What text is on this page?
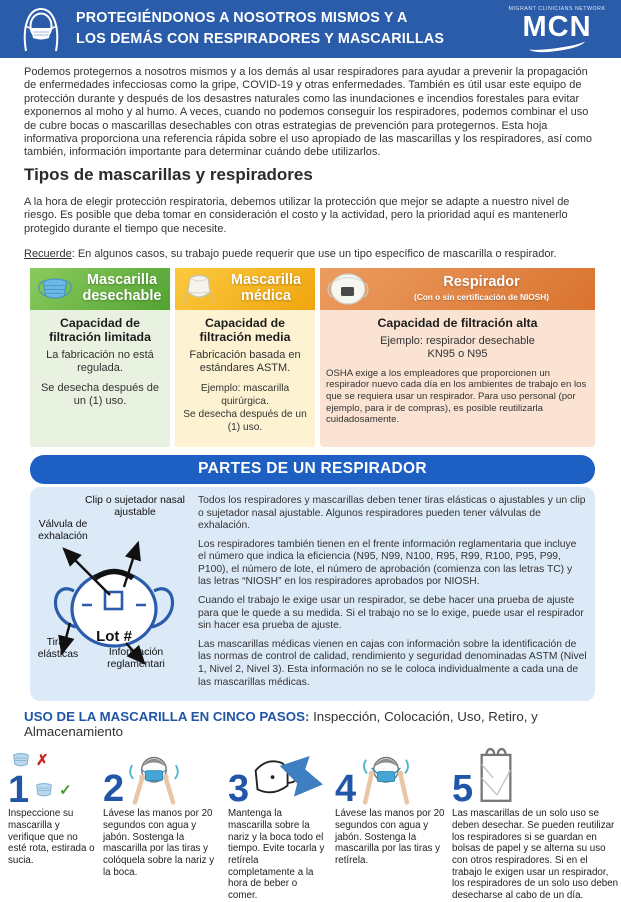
PROTEGIÉNDONOS A NOSOTROS MISMOS Y A
LOS DEMÁS CON RESPIRADORES Y MASCARILLAS
MIGRANT CLINICIANS NETWORK
MCN

Podemos protegernos a nosotros mismos y a los demás al usar respiradores para ayudar a prevenir la propagación de enfermedades infecciosas como la gripe, COVID-19 y otras enfermedades. También es útil usar este equipo de protección durante y después de los desastres naturales como las inundaciones e incendios forestales para evitar exponernos al moho y al humo. A veces, cuando no podemos conseguir los respiradores, podemos combinar el uso de cubre bocas o mascarillas desechables con otras estrategias de prevención para protegernos. Esta hoja informativa proporciona una referencia rápida sobre el uso apropiado de las mascarillas y los respiradores, así como también, información importante para determinar cuándo debe utilizarlos.

Tipos de mascarillas y respiradores

A la hora de elegir protección respiratoria, debemos utilizar la protección que mejor se adapte a nuestro nivel de riesgo. Es posible que deba tomar en consideración el costo y la actividad, pero la prioridad aquí es mantenerlo protegido durante el tiempo que necesite.

Recuerde: En algunos casos, su trabajo puede requerir que use un tipo específico de mascarilla o respirador.

Mascarilla
desechable
Capacidad de
filtración limitada

La fabricación no está regulada.

Se desecha después de un (1) uso.

Mascarilla
médica
Capacidad de
filtración media

Fabricación basada en
estándares ASTM.

Ejemplo: mascarilla quirúrgica.
Se desecha después de un (1) uso.

Respirador
(Con o sin certificación de NIOSH)
Capacidad de filtración alta

Ejemplo: respirador desechable
KN95 o N95

OSHA exige a los empleadores que proporcionen un respirador nuevo cada día en los ambientes de trabajo en los que se requiera usar un respirador. Para uso personal (por ejemplo, para ir de compras), es posible reutilizarla cuidadosamente.

PARTES DE UN RESPIRADOR
Lot #
Clip o sujetador nasal ajustable
Válvula de exhalación
Tiras elásticas	Información reglamentari

Todos los respiradores y mascarillas deben tener tiras elásticas o ajustables y un clip o sujetador nasal ajustable. Algunos respiradores pueden tener válvulas de exhalación.

Los respiradores también tienen en el frente información reglamentaria que incluye el número que indica la eficiencia (N95, N99, N100, R95, R99, R100, P95, P99, P100), el número de lote, el número de aprobación (comienza con las letras TC) y las letras “NIOSH” en los respiradores aprobados por NIOSH.

Cuando el trabajo le exige usar un respirador, se debe hacer una prueba de ajuste para que le quede a su medida. Si el trabajo no se lo exige, puede usar el respirador sin hacer esa prueba de ajuste.

Las mascarillas médicas vienen en cajas con información sobre la identificación de las normas de control de calidad, rendimiento y seguridad denominadas ASTM (Nivel 1, Nivel 2, Nivel 3). Esta información no se le coloca individualmente a cada una de las mascarillas médicas.

USO DE LA MASCARILLA EN CINCO PASOS: Inspección, Colocación, Uso, Retiro, y Almacenamiento

✗
1 ✓
Inspeccione su mascarilla y verifique que no esté rota, estirada o sucia.
2
Lávese las manos por 20 segundos con agua y jabón. Sostenga la mascarilla por las tiras y colóquela sobre la nariz y la boca.
3
Mantenga la mascarilla sobre la nariz y la boca todo el tiempo. Evite tocarla y retírela completamente a la hora de beber o comer.
4
Lávese las manos por 20 segundos con agua y jabón. Sostenga la mascarilla por las tiras y retírela.
5
Las mascarillas de un solo uso se deben desechar. Se pueden reutilizar los respiradores si se guardan en bolsas de papel y se alterna su uso con otros respiradores. Si en el trabajo le exigen usar un respirador, los respiradores de un solo uso deben desecharse al cabo de un día.
